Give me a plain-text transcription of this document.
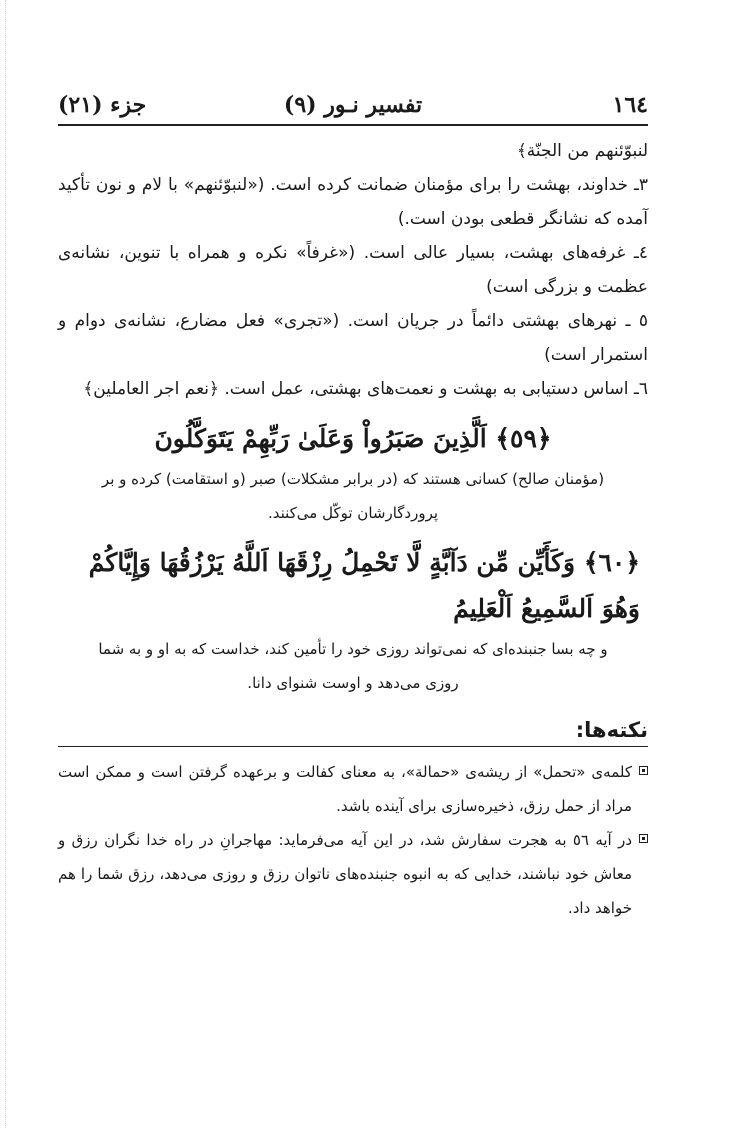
١٦٤
تفسير نـور (٩)
جزء (٢١)

لنبوّئنهم من الجنّة﴾

٣ـ خداوند، بهشت را برای مؤمنان ضمانت کرده است. («لنبوّئنهم» با لام و نون تأکید آمده که نشانگر قطعی بودن است.)

٤ـ غرفه‌های بهشت، بسیار عالی است. («غرفاً» نکره و همراه با تنوین، نشانه‌ی عظمت و بزرگی است)

٥ ـ نهرهای بهشتی دائماً در جریان است. («تجری» فعل مضارع، نشانه‌ی دوام و استمرار است)

٦ـ اساس دستیابی به بهشت و نعمت‌های بهشتی، عمل است. ﴿نعم اجر العاملین﴾

﴿٥٩﴾ اَلَّذِينَ صَبَرُواْ وَعَلَىٰ رَبِّهِمْ يَتَوَكَّلُونَ

(مؤمنان صالح) کسانی هستند که (در برابر مشکلات) صبر (و استقامت) کرده و بر پروردگارشان توکّل می‌کنند.

﴿٦٠﴾ وَكَأَيِّن مِّن دَآبَّةٍ لَّا تَحْمِلُ رِزْقَهَا اَللَّهُ يَرْزُقُهَا وَإِيَّاكُمْ وَهُوَ اَلسَّمِيعُ اَلْعَلِيمُ

و چه بسا جنبنده‌ای که نمی‌تواند روزی خود را تأمین کند، خداست که به او و به شما روزی می‌دهد و اوست شنوای دانا.

نکته‌ها:

کلمه‌ی «تحمل» از ریشه‌ی «حمالة»، به معنای کفالت و برعهده گرفتن است و ممکن است مراد از حمل رزق، ذخیره‌سازی برای آینده باشد.

در آیه ٥٦ به هجرت سفارش شد، در این آیه می‌فرماید: مهاجرانِ در راه خدا نگران رزق و معاش خود نباشند، خدایی که به انبوه جنبنده‌های ناتوان رزق و روزی می‌دهد، رزق شما را هم خواهد داد.
